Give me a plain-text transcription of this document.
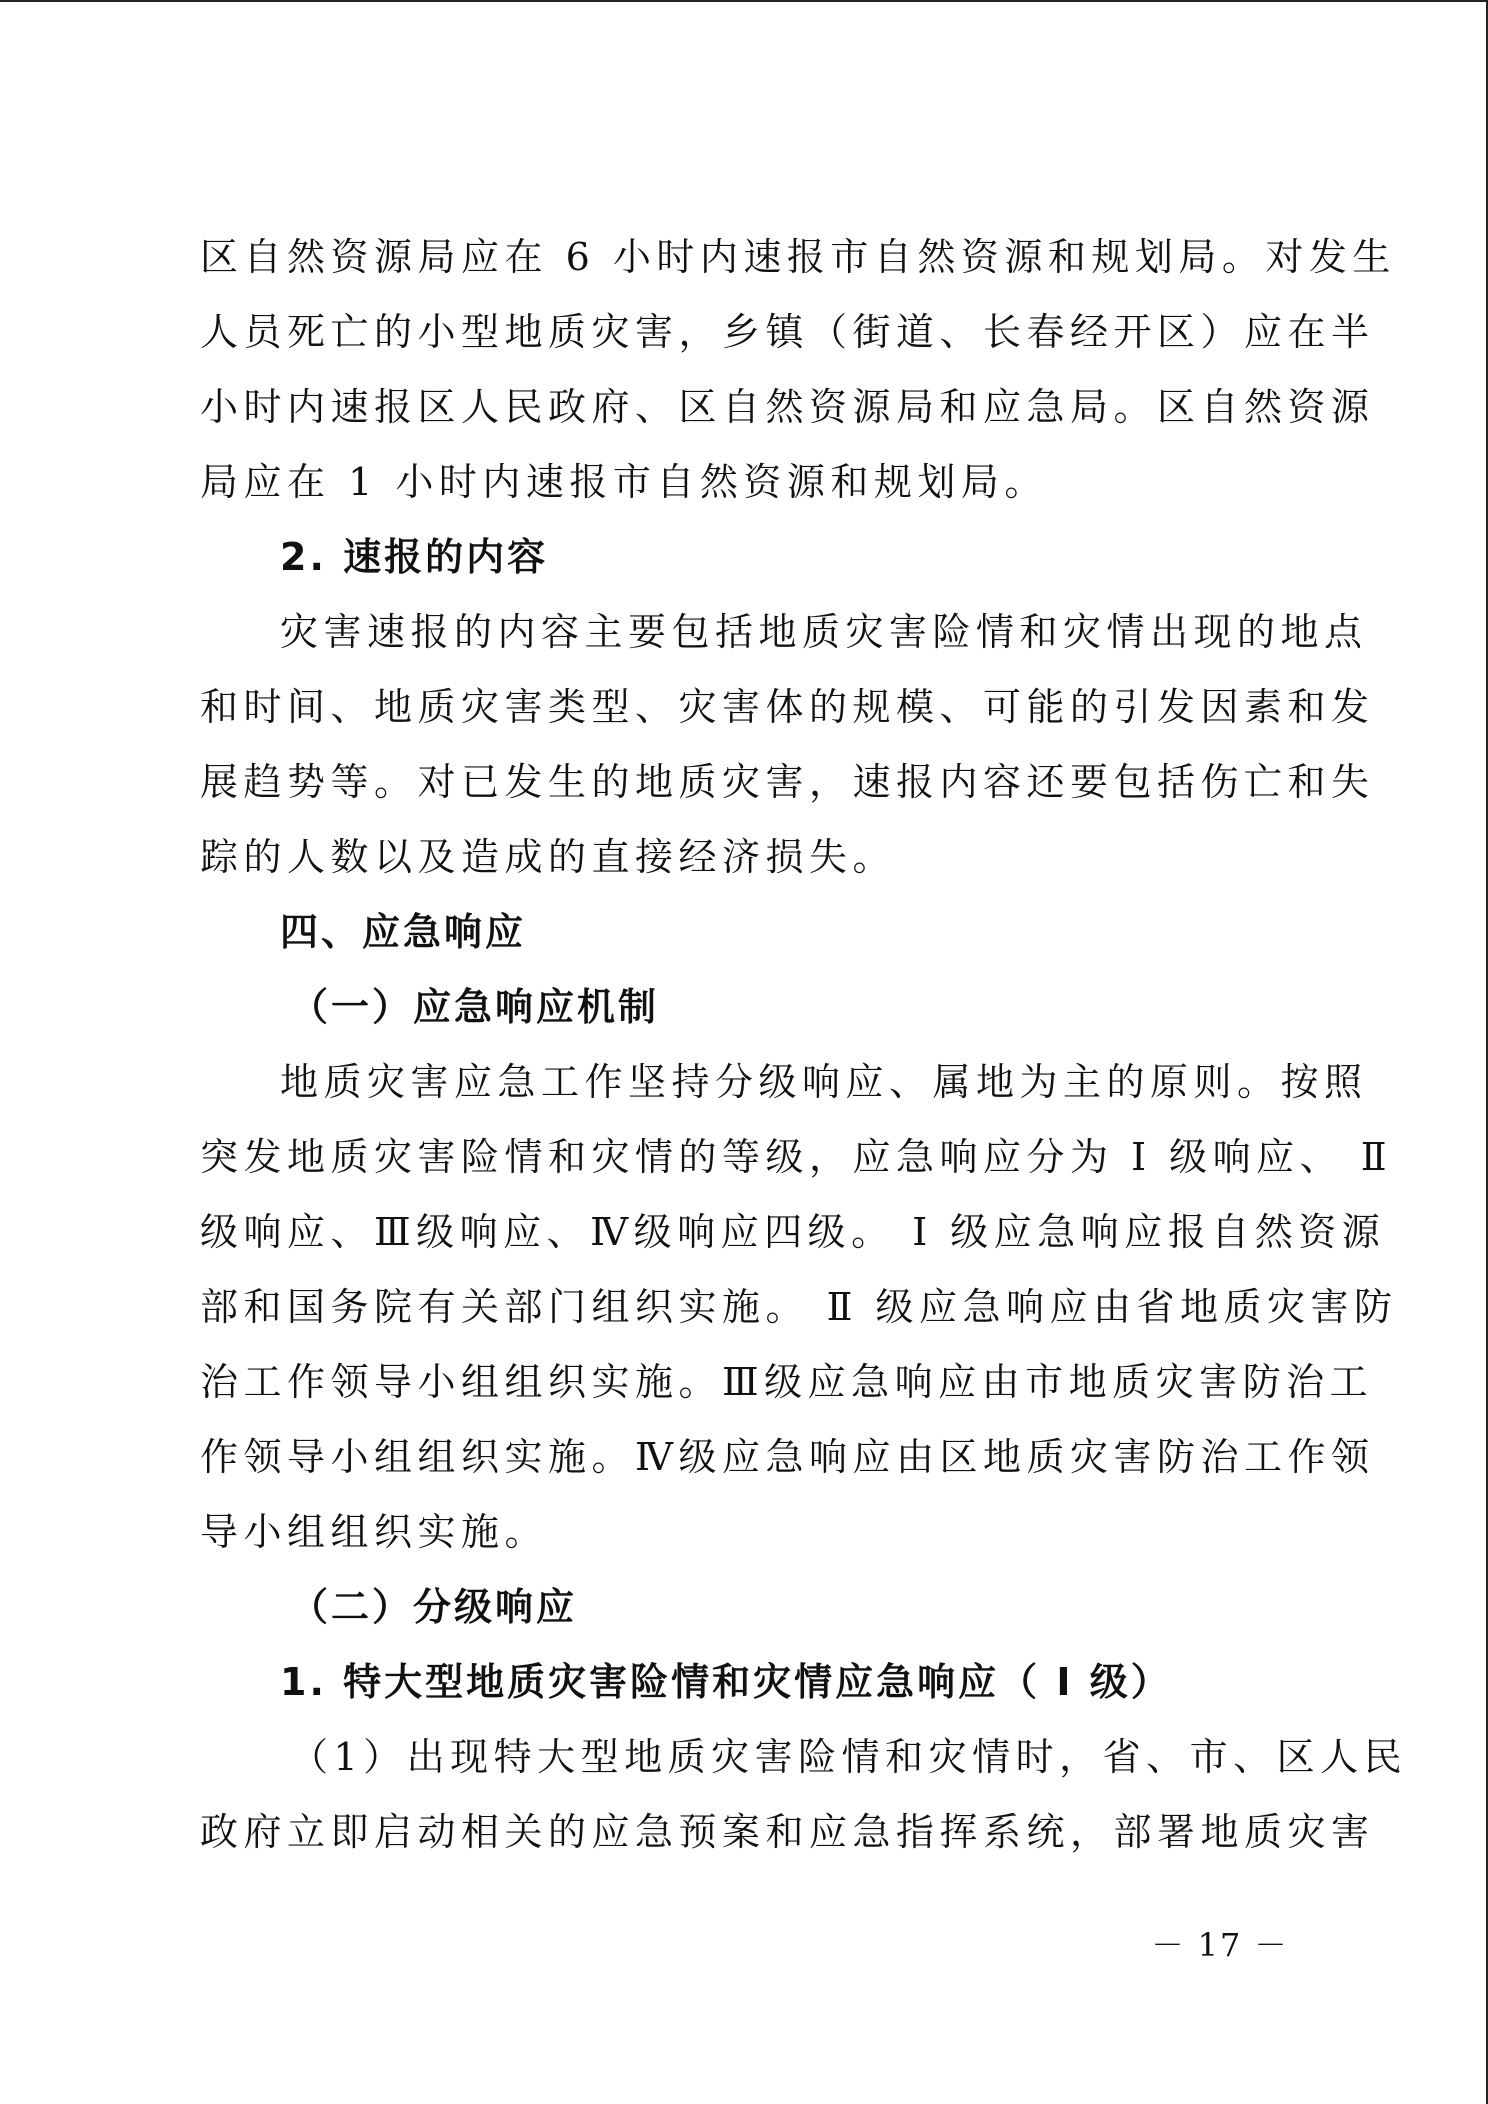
区自然资源局应在 6 小时内速报市自然资源和规划局。对发生
人员死亡的小型地质灾害，乡镇（街道、长春经开区）应在半
小时内速报区人民政府、区自然资源局和应急局。区自然资源
局应在 1 小时内速报市自然资源和规划局。
2. 速报的内容
灾害速报的内容主要包括地质灾害险情和灾情出现的地点
和时间、地质灾害类型、灾害体的规模、可能的引发因素和发
展趋势等。对已发生的地质灾害，速报内容还要包括伤亡和失
踪的人数以及造成的直接经济损失。
四、应急响应
（一）应急响应机制
地质灾害应急工作坚持分级响应、属地为主的原则。按照
突发地质灾害险情和灾情的等级，应急响应分为 Ⅰ 级响应、 Ⅱ
级响应、Ⅲ级响应、Ⅳ级响应四级。 Ⅰ 级应急响应报自然资源
部和国务院有关部门组织实施。 Ⅱ 级应急响应由省地质灾害防
治工作领导小组组织实施。Ⅲ级应急响应由市地质灾害防治工
作领导小组组织实施。Ⅳ级应急响应由区地质灾害防治工作领
导小组组织实施。
（二）分级响应
1. 特大型地质灾害险情和灾情应急响应（ Ⅰ 级）
（1）出现特大型地质灾害险情和灾情时，省、市、区人民
政府立即启动相关的应急预案和应急指挥系统，部署地质灾害
－ 17 －
